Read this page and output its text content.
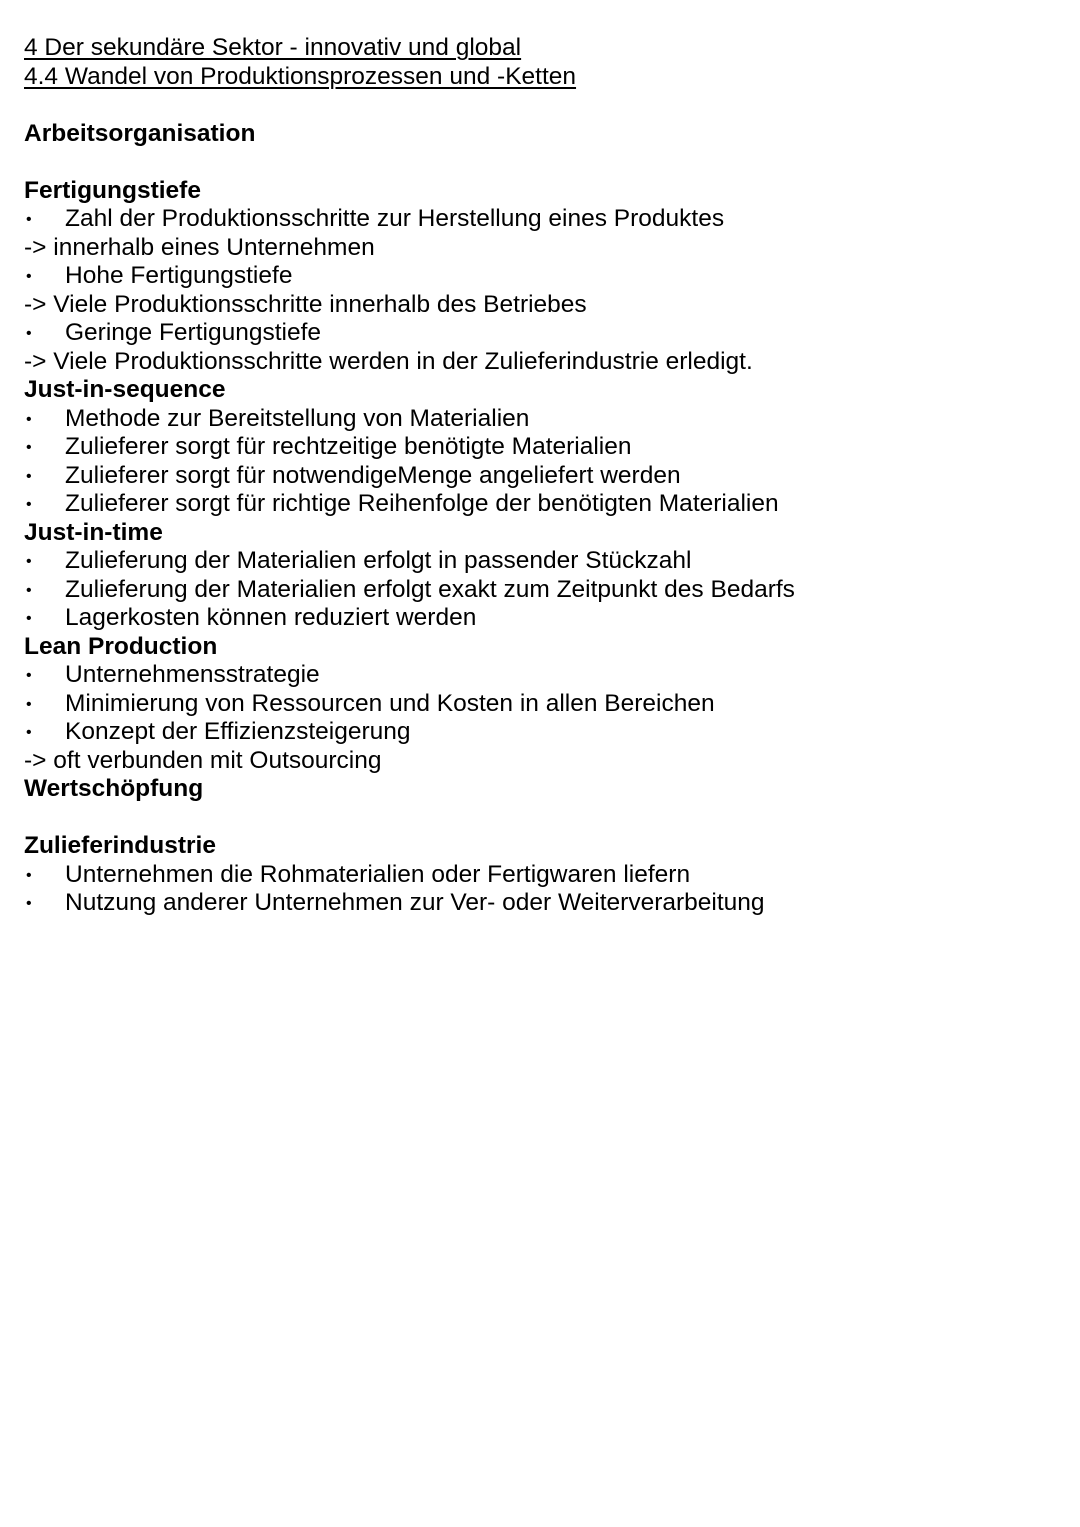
4 Der sekundäre Sektor - innovativ und global
4.4 Wandel von Produktionsprozessen und -Ketten
Arbeitsorganisation
Fertigungstiefe
•	Zahl der Produktionsschritte zur Herstellung eines Produktes
-> innerhalb eines Unternehmen
•	Hohe Fertigungstiefe
-> Viele Produktionsschritte innerhalb des Betriebes
•	Geringe Fertigungstiefe
-> Viele Produktionsschritte werden in der Zulieferindustrie erledigt.
Just-in-sequence
•	Methode zur Bereitstellung von Materialien
•	Zulieferer sorgt für rechtzeitige benötigte Materialien
•	Zulieferer sorgt für notwendigeMenge angeliefert werden
•	Zulieferer sorgt für richtige Reihenfolge der benötigten Materialien
Just-in-time
•	Zulieferung der Materialien erfolgt in passender Stückzahl
•	Zulieferung der Materialien erfolgt exakt zum Zeitpunkt des Bedarfs
•	Lagerkosten können reduziert werden
Lean Production
•	Unternehmensstrategie
•	Minimierung von Ressourcen und Kosten in allen Bereichen
•	Konzept der Effizienzsteigerung
-> oft verbunden mit Outsourcing
Wertschöpfung
Zulieferindustrie
•	Unternehmen die Rohmaterialien oder Fertigwaren liefern
•	Nutzung anderer Unternehmen zur Ver- oder Weiterverarbeitung
